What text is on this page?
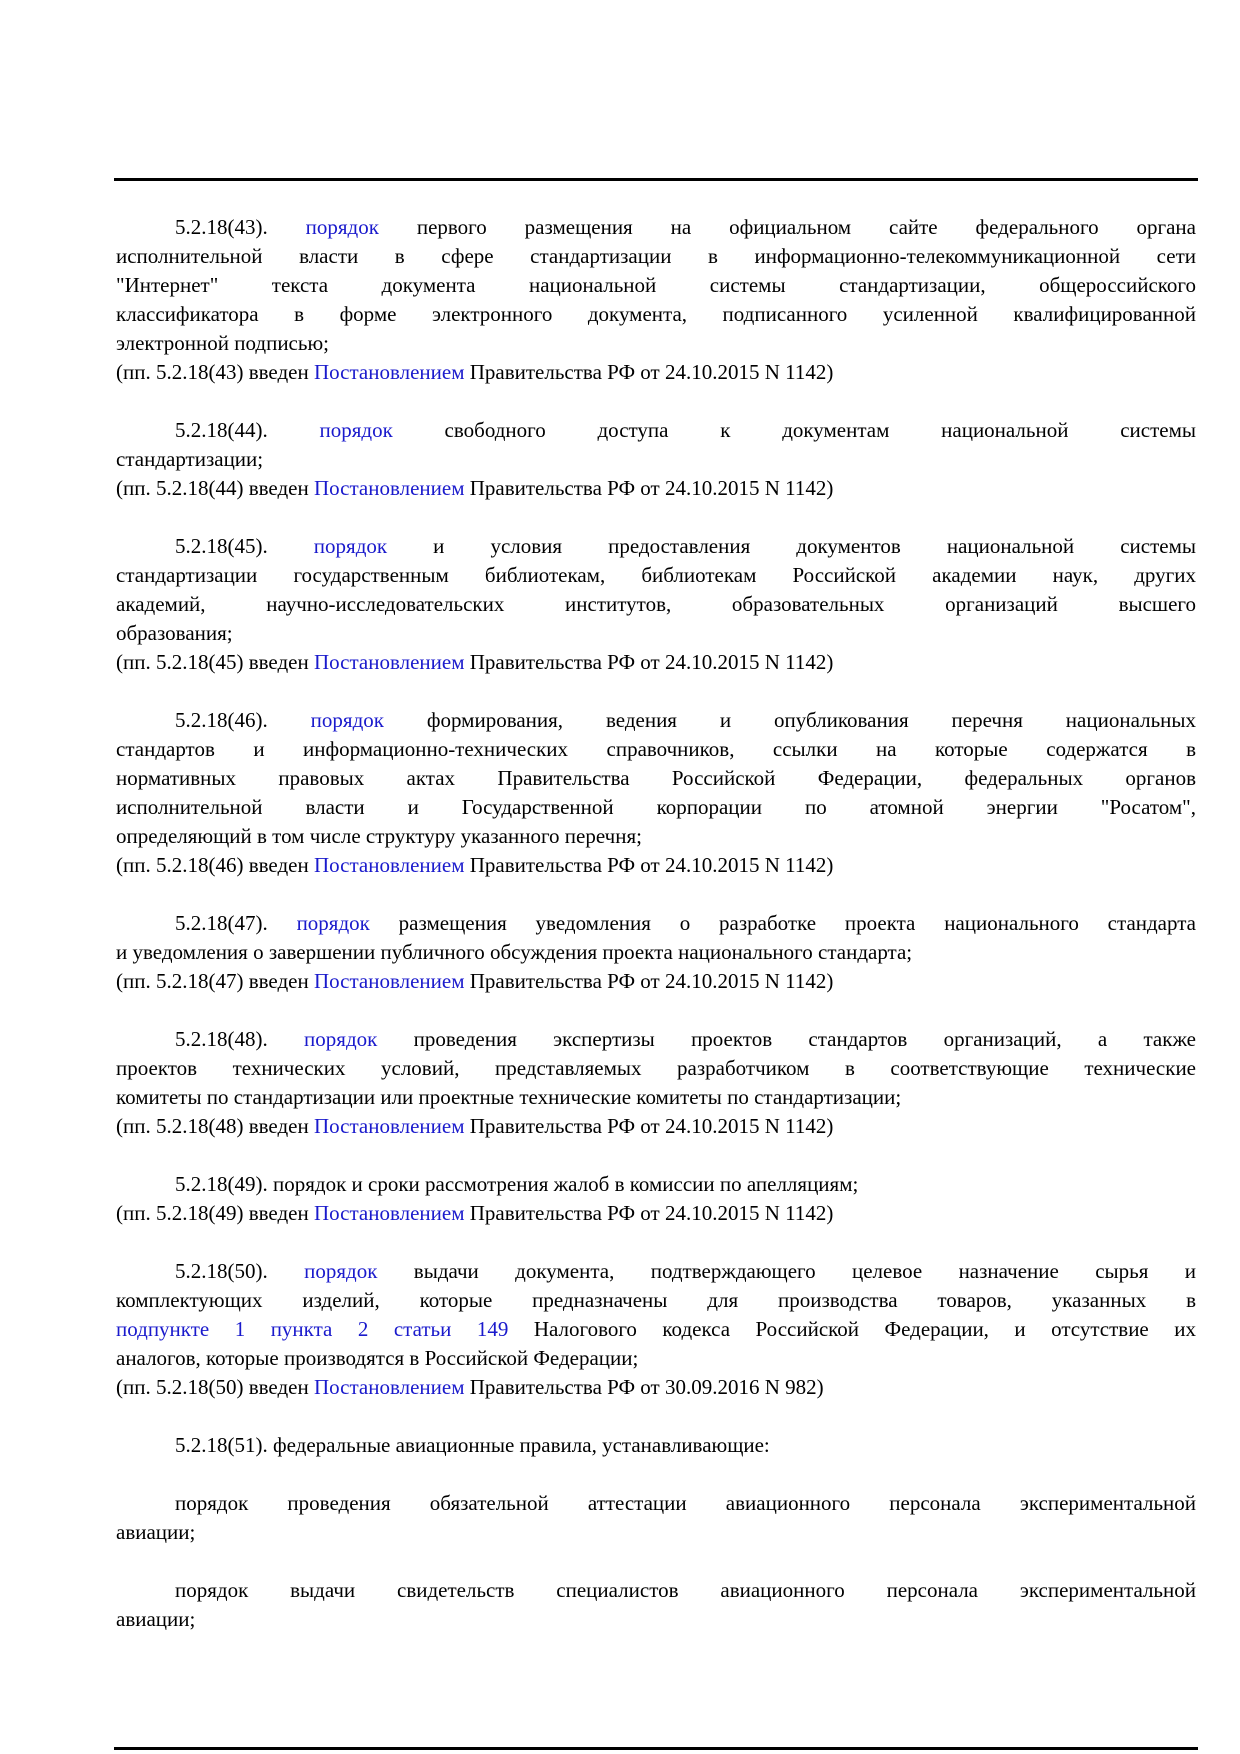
5.2.18(43). порядок первого размещения на официальном сайте федерального органа
исполнительной власти в сфере стандартизации в информационно-телекоммуникационной сети
"Интернет" текста документа национальной системы стандартизации, общероссийского
классификатора в форме электронного документа, подписанного усиленной квалифицированной
электронной подписью;
(пп. 5.2.18(43) введен Постановлением Правительства РФ от 24.10.2015 N 1142)
5.2.18(44). порядок свободного доступа к документам национальной системы
стандартизации;
(пп. 5.2.18(44) введен Постановлением Правительства РФ от 24.10.2015 N 1142)
5.2.18(45). порядок и условия предоставления документов национальной системы
стандартизации государственным библиотекам, библиотекам Российской академии наук, других
академий, научно-исследовательских институтов, образовательных организаций высшего
образования;
(пп. 5.2.18(45) введен Постановлением Правительства РФ от 24.10.2015 N 1142)
5.2.18(46). порядок формирования, ведения и опубликования перечня национальных
стандартов и информационно-технических справочников, ссылки на которые содержатся в
нормативных правовых актах Правительства Российской Федерации, федеральных органов
исполнительной власти и Государственной корпорации по атомной энергии "Росатом",
определяющий в том числе структуру указанного перечня;
(пп. 5.2.18(46) введен Постановлением Правительства РФ от 24.10.2015 N 1142)
5.2.18(47). порядок размещения уведомления о разработке проекта национального стандарта
и уведомления о завершении публичного обсуждения проекта национального стандарта;
(пп. 5.2.18(47) введен Постановлением Правительства РФ от 24.10.2015 N 1142)
5.2.18(48). порядок проведения экспертизы проектов стандартов организаций, а также
проектов технических условий, представляемых разработчиком в соответствующие технические
комитеты по стандартизации или проектные технические комитеты по стандартизации;
(пп. 5.2.18(48) введен Постановлением Правительства РФ от 24.10.2015 N 1142)
5.2.18(49). порядок и сроки рассмотрения жалоб в комиссии по апелляциям;
(пп. 5.2.18(49) введен Постановлением Правительства РФ от 24.10.2015 N 1142)
5.2.18(50). порядок выдачи документа, подтверждающего целевое назначение сырья и
комплектующих изделий, которые предназначены для производства товаров, указанных в
подпункте 1 пункта 2 статьи 149 Налогового кодекса Российской Федерации, и отсутствие их
аналогов, которые производятся в Российской Федерации;
(пп. 5.2.18(50) введен Постановлением Правительства РФ от 30.09.2016 N 982)
5.2.18(51). федеральные авиационные правила, устанавливающие:
порядок проведения обязательной аттестации авиационного персонала экспериментальной
авиации;
порядок выдачи свидетельств специалистов авиационного персонала экспериментальной
авиации;
